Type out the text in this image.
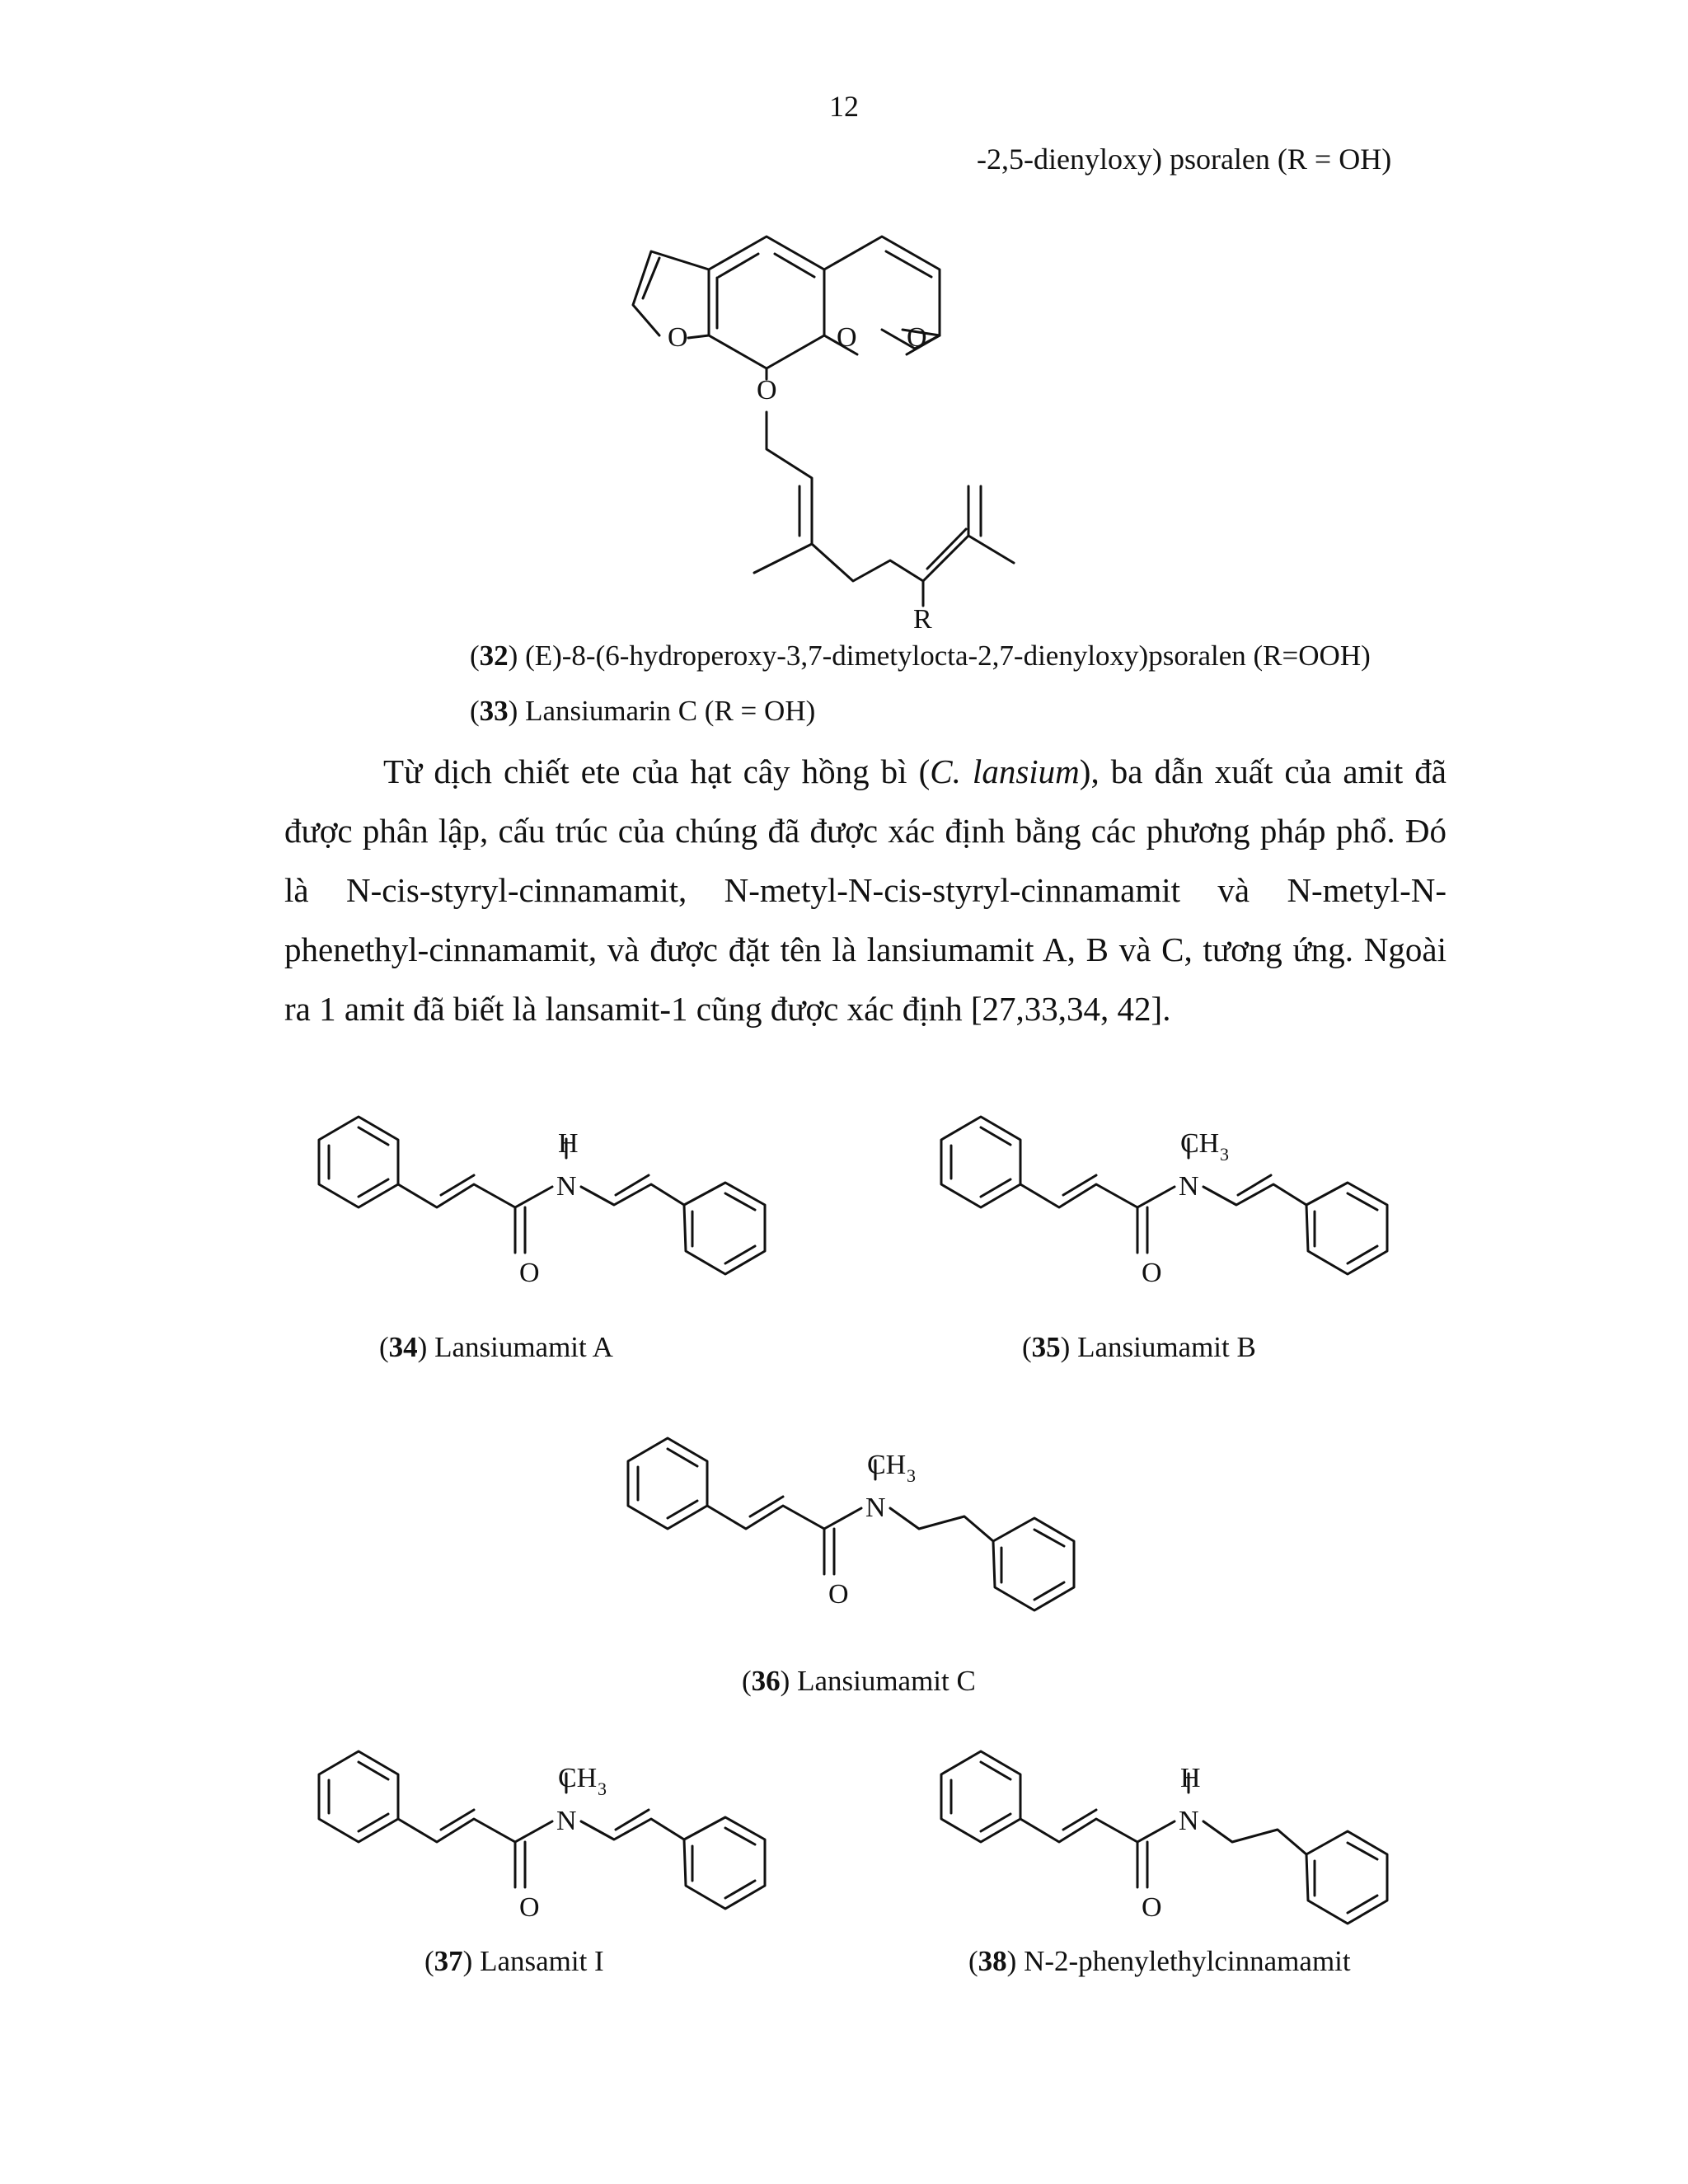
12
-2,5-dienyloxy) psoralen (R = OH)
O	O O
O
R
(32) (E)-8-(6-hydroperoxy-3,7-dimetylocta-2,7-dienyloxy)psoralen (R=OOH)
(33) Lansiumarin C (R = OH)

Từ dịch chiết ete của hạt cây hồng bì (C. lansium), ba dẫn xuất của amit đã được phân lập, cấu trúc của chúng đã được xác định bằng các phương pháp phổ. Đó là N-cis-styryl-cinnamamit, N-metyl-N-cis-styryl-cinnamamit và N-metyl-N-phenethyl-cinnamamit, và được đặt tên là lansiumamit A, B và C, tương ứng. Ngoài ra 1 amit đã biết là lansamit-1 cũng được xác định [27,33,34, 42].

H
N
O
CH 3
N
O
CH 3
N
O
CH 3
N
O
H
N
O
(34) Lansiumamit A	(35) Lansiumamit B
(36) Lansiumamit C
(37) Lansamit I	(38) N-2-phenylethylcinnamamit
